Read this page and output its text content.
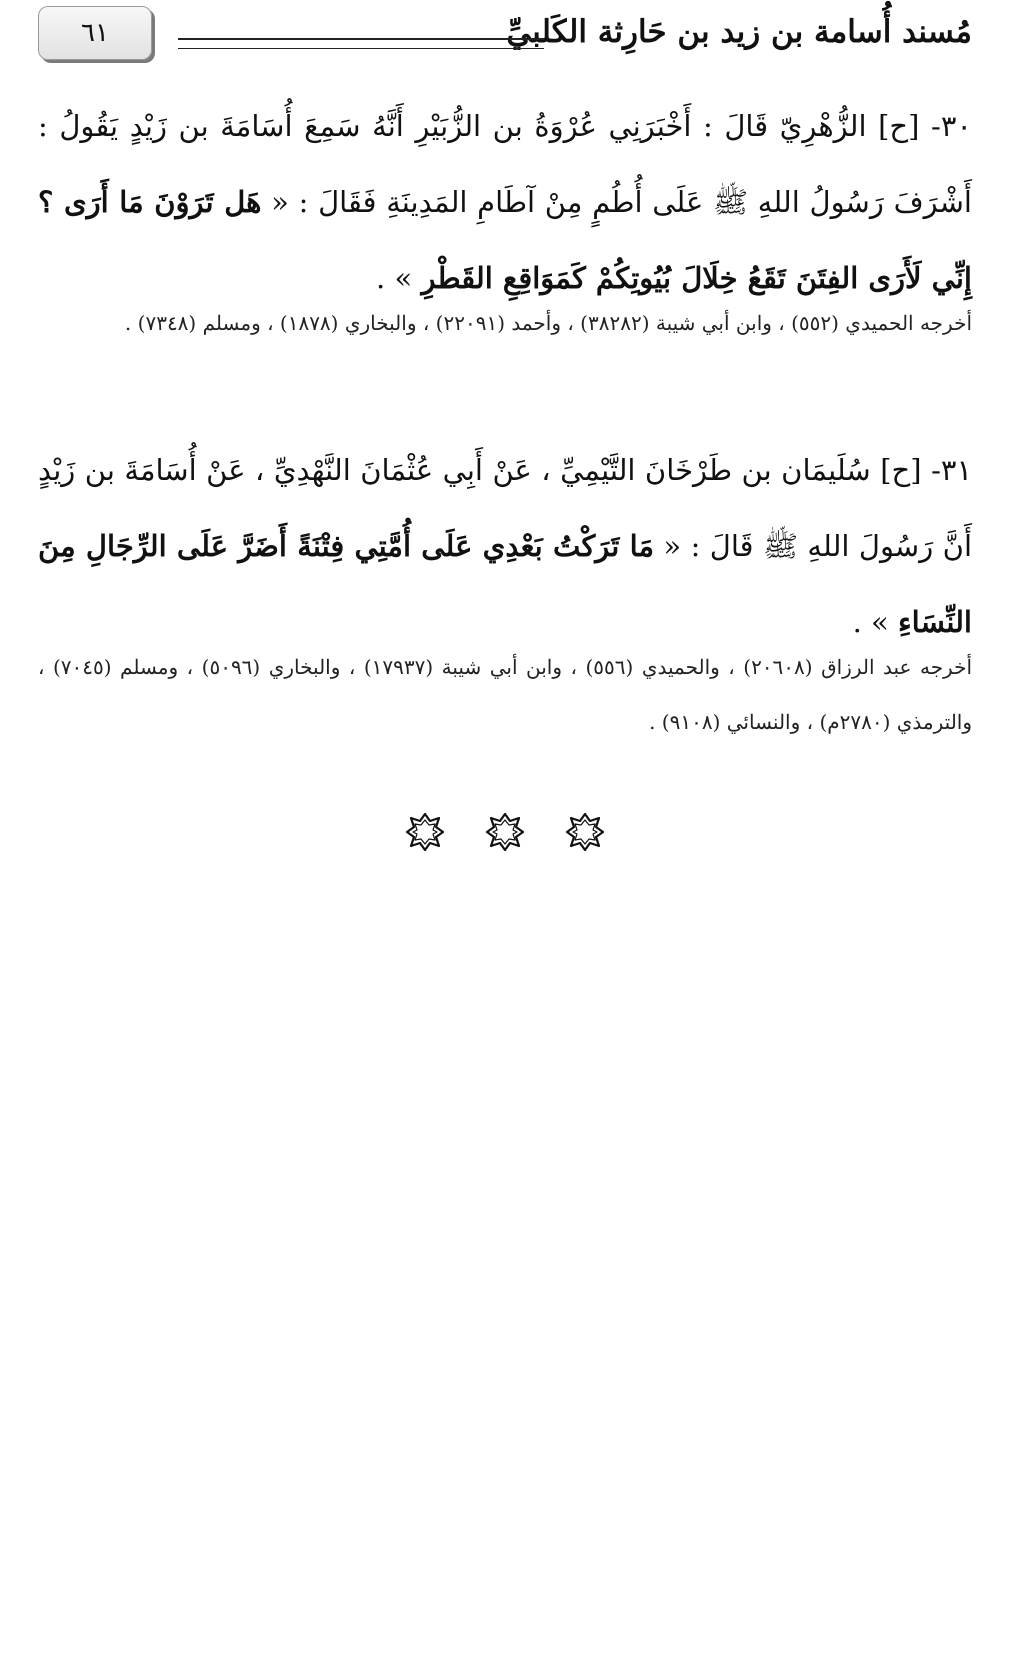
مُسند أُسامة بن زيد بن حَارِثة الكَلبيِّ
٦١

٣٠- [ح] الزُّهْرِيّ قَالَ : أَخْبَرَنِي عُرْوَةُ بن الزُّبَيْرِ أَنَّهُ سَمِعَ أُسَامَةَ بن زَيْدٍ يَقُولُ : أَشْرَفَ رَسُولُ اللهِ ﷺ عَلَى أُطُمٍ مِنْ آطَامِ المَدِينَةِ فَقَالَ : « هَل تَرَوْنَ مَا أَرَى ؟ إِنِّي لَأَرَى الفِتَنَ تَقَعُ خِلَالَ بُيُوتِكُمْ كَمَوَاقِعِ القَطْرِ » .

أخرجه الحميدي (٥٥٢) ، وابن أبي شيبة (٣٨٢٨٢) ، وأحمد (٢٢٠٩١) ، والبخاري (١٨٧٨) ، ومسلم (٧٣٤٨) .

٣١- [ح] سُلَيمَان بن طَرْخَانَ التَّيْمِيِّ ، عَنْ أَبِي عُثْمَانَ النَّهْدِيِّ ، عَنْ أُسَامَةَ بن زَيْدٍ أَنَّ رَسُولَ اللهِ ﷺ قَالَ : « مَا تَرَكْتُ بَعْدِي عَلَى أُمَّتِي فِتْنَةً أَضَرَّ عَلَى الرِّجَالِ مِنَ النِّسَاءِ » .

أخرجه عبد الرزاق (٢٠٦٠٨) ، والحميدي (٥٥٦) ، وابن أبي شيبة (١٧٩٣٧) ، والبخاري (٥٠٩٦) ، ومسلم (٧٠٤٥) ، والترمذي (٢٧٨٠م) ، والنسائي (٩١٠٨) .
